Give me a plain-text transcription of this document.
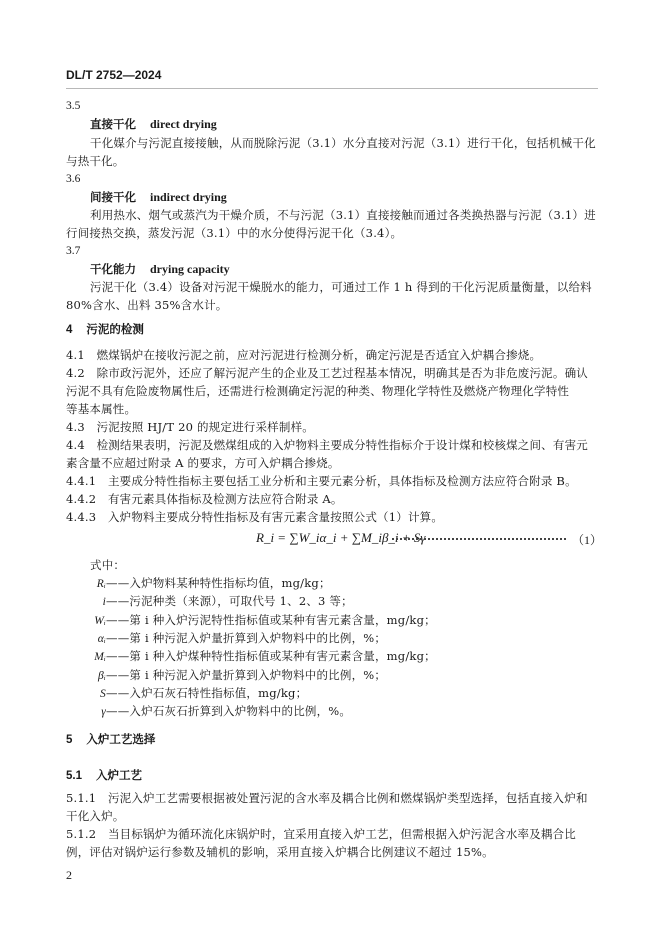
DL/T 2752—2024
3.5
直接干化 direct drying
干化媒介与污泥直接接触，从而脱除污泥（3.1）水分直接对污泥（3.1）进行干化，包括机械干化
与热干化。
3.6
间接干化 indirect drying
利用热水、烟气或蒸汽为干燥介质，不与污泥（3.1）直接接触而通过各类换热器与污泥（3.1）进
行间接热交换，蒸发污泥（3.1）中的水分使得污泥干化（3.4）。
3.7
干化能力 drying capacity
污泥干化（3.4）设备对污泥干燥脱水的能力，可通过工作 1 h 得到的干化污泥质量衡量，以给料
80%含水、出料 35%含水计。
4 污泥的检测
4.1　燃煤锅炉在接收污泥之前，应对污泥进行检测分析，确定污泥是否适宜入炉耦合掺烧。
4.2　除市政污泥外，还应了解污泥产生的企业及工艺过程基本情况，明确其是否为非危废污泥。确认
污泥不具有危险废物属性后，还需进行检测确定污泥的种类、物理化学特性及燃烧产物理化学特性
等基本属性。
4.3　污泥按照 HJ/T 20 的规定进行采样制样。
4.4　检测结果表明，污泥及燃煤组成的入炉物料主要成分特性指标介于设计煤和校核煤之间、有害元
素含量不应超过附录 A 的要求，方可入炉耦合掺烧。
4.4.1　主要成分特性指标主要包括工业分析和主要元素分析，具体指标及检测方法应符合附录 B。
4.4.2　有害元素具体指标及检测方法应符合附录 A。
4.4.3　入炉物料主要成分特性指标及有害元素含量按照公式（1）计算。
R_i = ∑W_iα_i + ∑M_iβ_i + Sγ	（1）
式中：
Rᵢ——入炉物料某种特性指标均值，mg/kg；
i——污泥种类（来源），可取代号 1、2、3 等；
Wᵢ——第 i 种入炉污泥特性指标值或某种有害元素含量，mg/kg；
αᵢ——第 i 种污泥入炉量折算到入炉物料中的比例，%；
Mᵢ——第 i 种入炉煤种特性指标值或某种有害元素含量，mg/kg；
βᵢ——第 i 种污泥入炉量折算到入炉物料中的比例，%；
S——入炉石灰石特性指标值，mg/kg；
γ——入炉石灰石折算到入炉物料中的比例，%。
5 入炉工艺选择
5.1 入炉工艺
5.1.1　污泥入炉工艺需要根据被处置污泥的含水率及耦合比例和燃煤锅炉类型选择，包括直接入炉和
干化入炉。
5.1.2　当目标锅炉为循环流化床锅炉时，宜采用直接入炉工艺，但需根据入炉污泥含水率及耦合比
例，评估对锅炉运行参数及辅机的影响，采用直接入炉耦合比例建议不超过 15%。
2
